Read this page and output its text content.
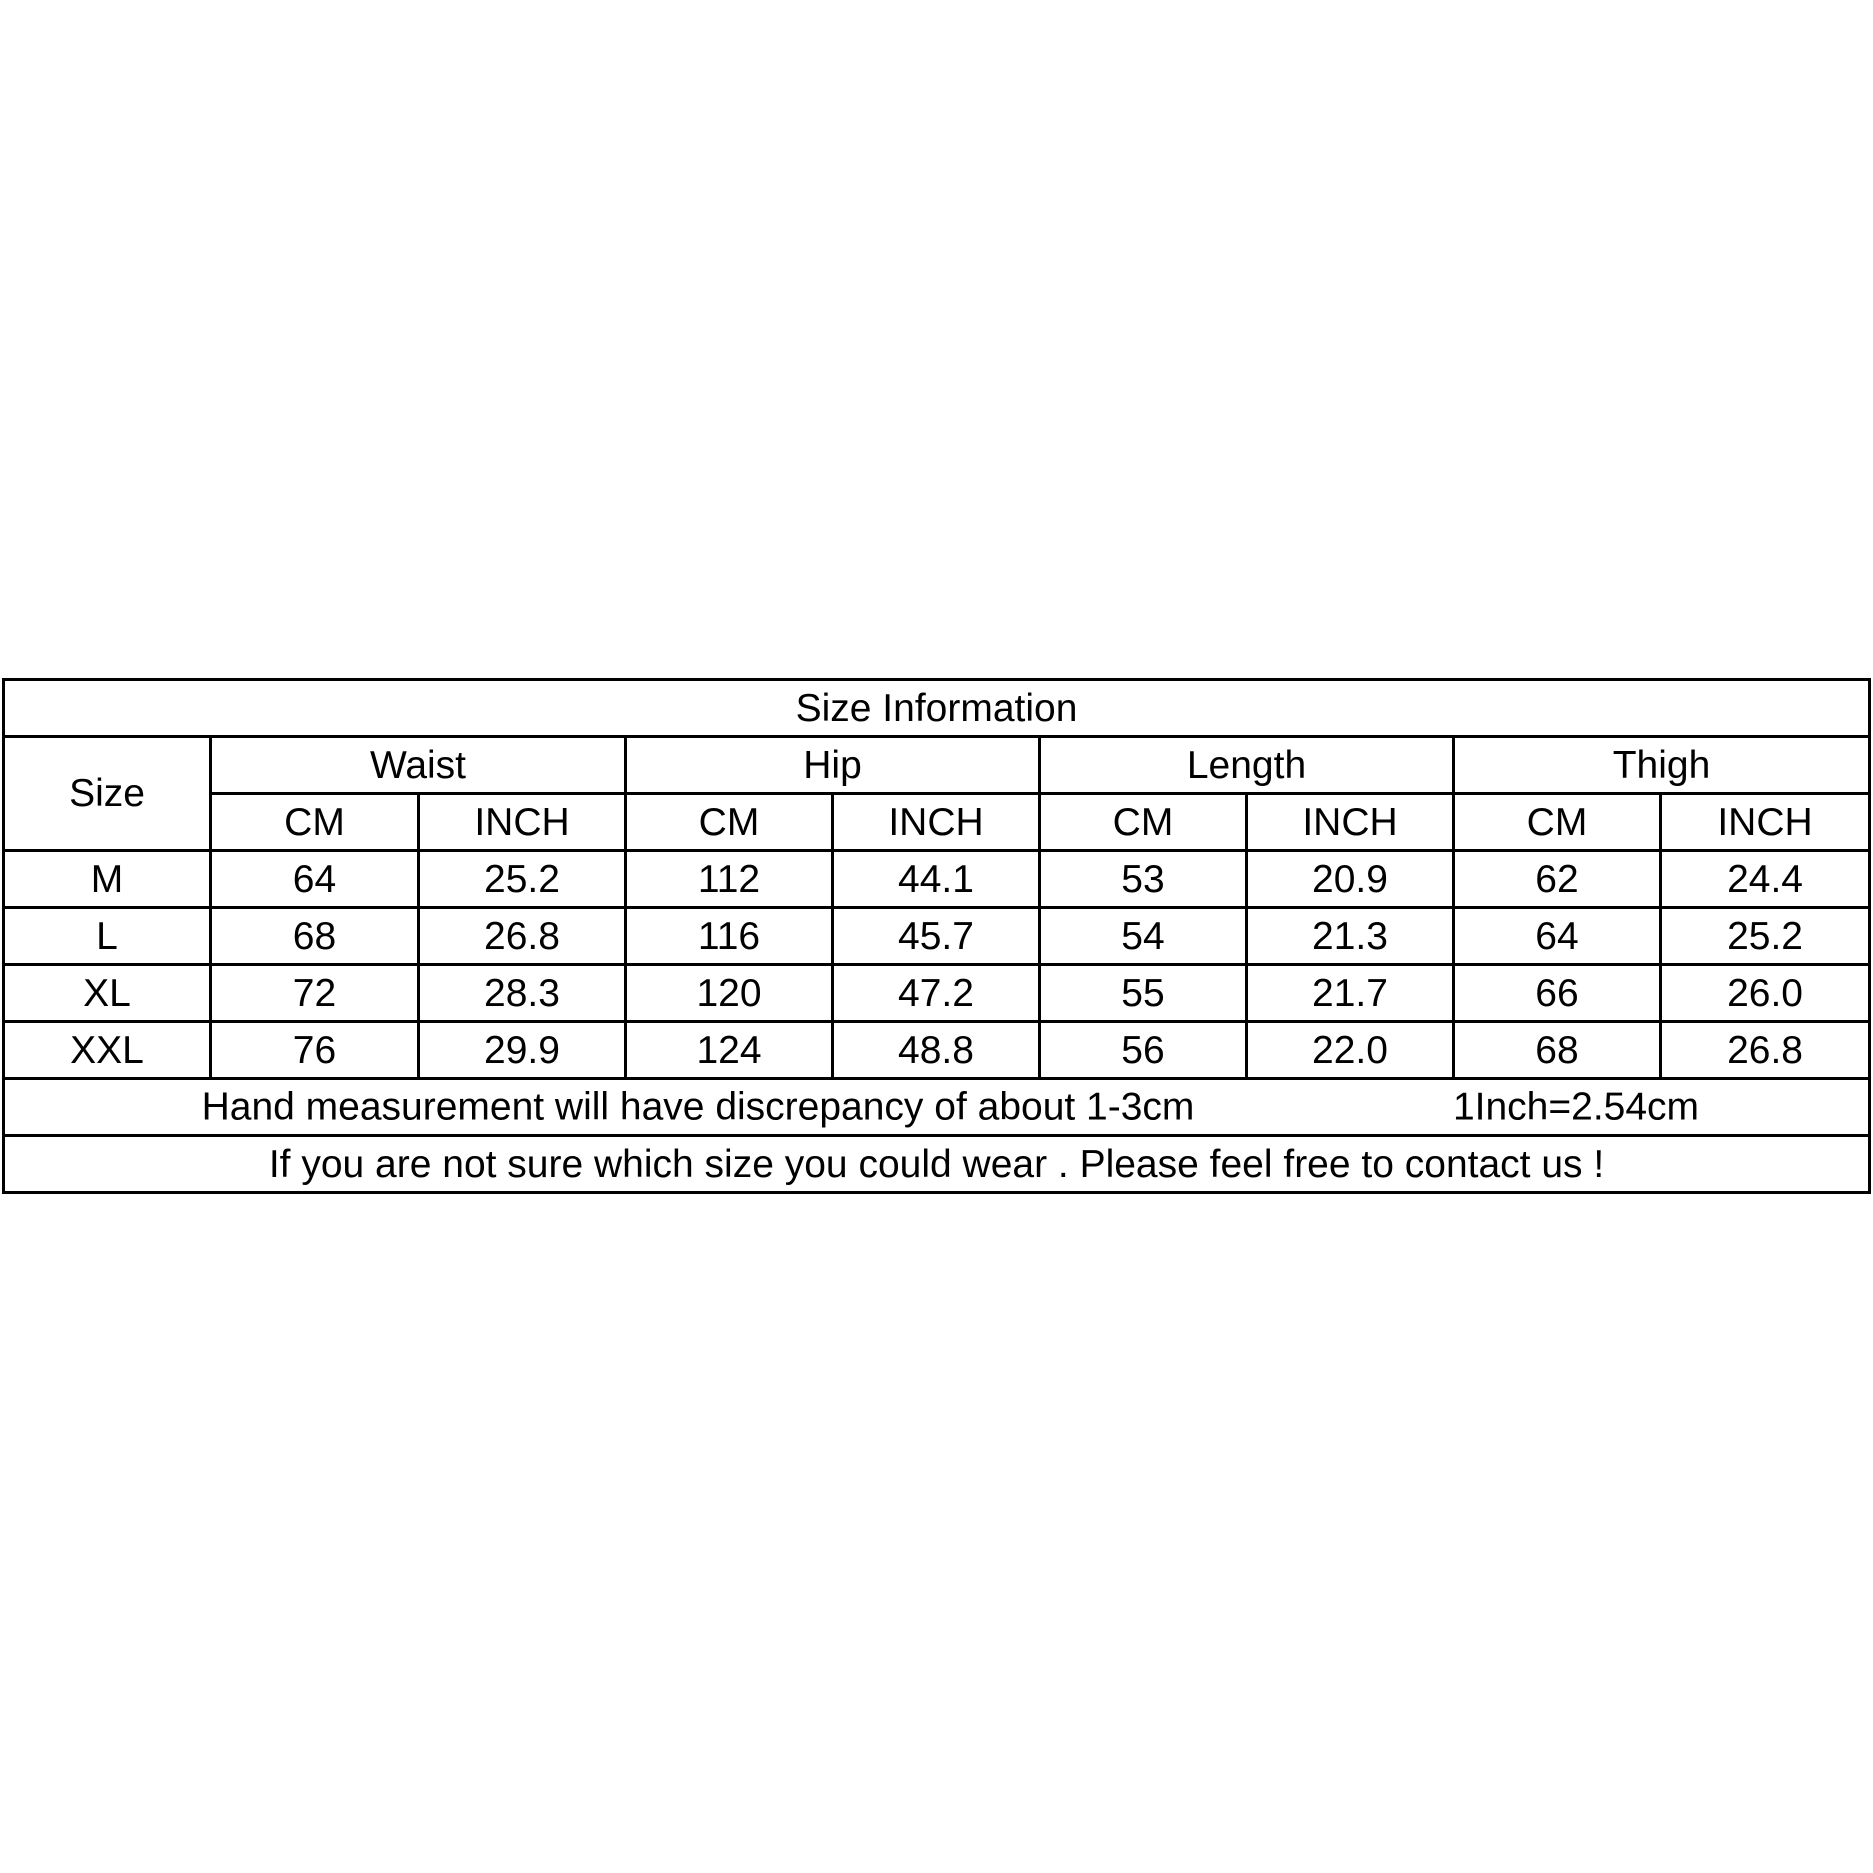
Size Information								
Size	Waist		Hip		Length		Thigh	
	CM	INCH	CM	INCH	CM	INCH	CM	INCH
M	64	25.2	112	44.1	53	20.9	62	24.4
L	68	26.8	116	45.7	54	21.3	64	25.2
XL	72	28.3	120	47.2	55	21.7	66	26.0
XXL	76	29.9	124	48.8	56	22.0	68	26.8

Hand measurement will have discrepancy of about 1-3cm 1Inch=2.54cm								

If you are not sure which size you could wear . Please feel free to contact us !								
